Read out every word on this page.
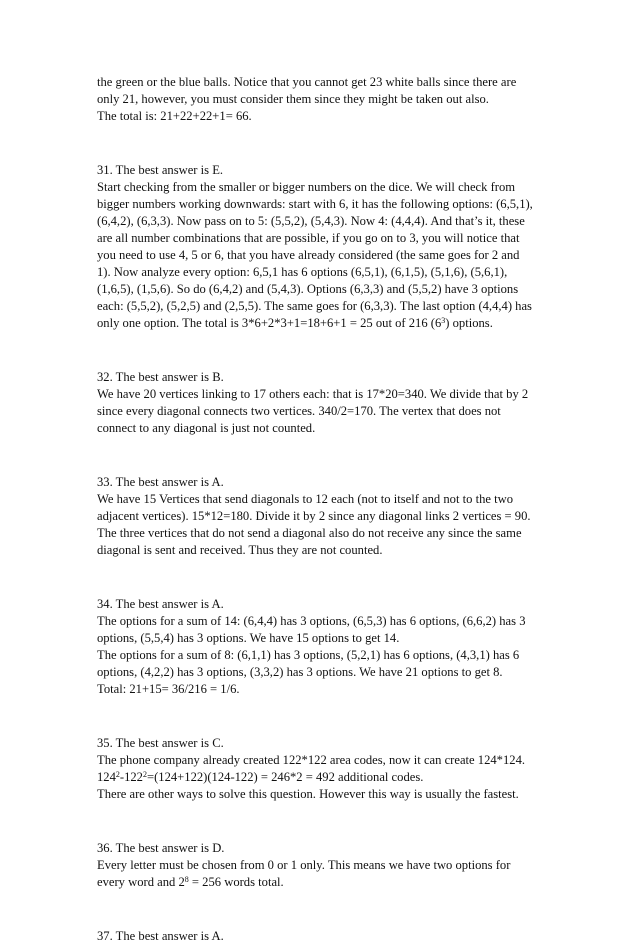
the green or the blue balls. Notice that you cannot get 23 white balls since there are
only 21, however, you must consider them since they might be taken out also.
The total is: 21+22+22+1= 66.

31. The best answer is E.
Start checking from the smaller or bigger numbers on the dice. We will check from
bigger numbers working downwards: start with 6, it has the following options: (6,5,1),
(6,4,2), (6,3,3). Now pass on to 5: (5,5,2), (5,4,3). Now 4: (4,4,4). And that’s it, these
are all number combinations that are possible, if you go on to 3, you will notice that
you need to use 4, 5 or 6, that you have already considered (the same goes for 2 and
1). Now analyze every option: 6,5,1 has 6 options (6,5,1), (6,1,5), (5,1,6), (5,6,1),
(1,6,5), (1,5,6). So do (6,4,2) and (5,4,3). Options (6,3,3) and (5,5,2) have 3 options
each: (5,5,2), (5,2,5) and (2,5,5). The same goes for (6,3,3). The last option (4,4,4) has
only one option. The total is 3*6+2*3+1=18+6+1 = 25 out of 216 $(6^3)$ options.

32. The best answer is B.
We have 20 vertices linking to 17 others each: that is 17*20=340. We divide that by 2
since every diagonal connects two vertices. 340/2=170. The vertex that does not
connect to any diagonal is just not counted.

33. The best answer is A.
We have 15 Vertices that send diagonals to 12 each (not to itself and not to the two
adjacent vertices). 15*12=180. Divide it by 2 since any diagonal links 2 vertices = 90.
The three vertices that do not send a diagonal also do not receive any since the same
diagonal is sent and received. Thus they are not counted.

34. The best answer is A.
The options for a sum of 14: (6,4,4) has 3 options, (6,5,3) has 6 options, (6,6,2) has 3
options, (5,5,4) has 3 options. We have 15 options to get 14.
The options for a sum of 8: (6,1,1) has 3 options, (5,2,1) has 6 options, (4,3,1) has 6
options, (4,2,2) has 3 options, (3,3,2) has 3 options. We have 21 options to get 8.
Total: 21+15= 36/216 = 1/6.

35. The best answer is C.
The phone company already created 122*122 area codes, now it can create 124*124.
$124^2-122^2=(124+122)(124-122) = 246*2 = 492$ additional codes.
There are other ways to solve this question. However this way is usually the fastest.

36. The best answer is D.
Every letter must be chosen from 0 or 1 only. This means we have two options for
every word and $2^8 = 256$ words total.

37. The best answer is A.
